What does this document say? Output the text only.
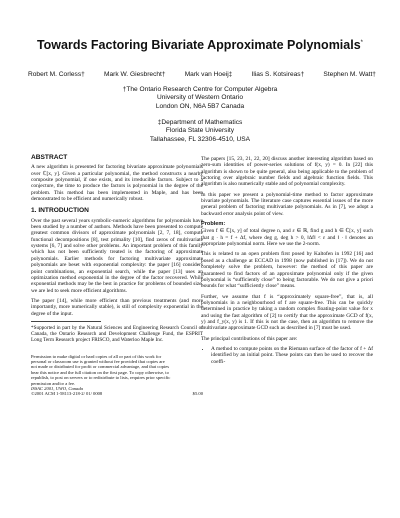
Towards Factoring Bivariate Approximate Polynomials*
Robert M. Corless†	Mark W. Giesbrecht†	Mark van Hoeij‡	Ilias S. Kotsireas†	Stephen M. Watt†
†The Ontario Research Centre for Computer Algebra
University of Western Ontario
London ON, N6A 5B7 Canada
‡Department of Mathematics
Florida State University
Tallahassee, FL 32306-4510, USA
ABSTRACT

A new algorithm is presented for factoring bivariate approximate polynomials over ℂ[x, y]. Given a particular polynomial, the method constructs a nearby composite polynomial, if one exists, and its irreducible factors. Subject to a conjecture, the time to produce the factors is polynomial in the degree of the problem. This method has been implemented in Maple, and has been demonstrated to be efficient and numerically robust.

1. INTRODUCTION

Over the past several years symbolic-numeric algorithms for polynomials have been studied by a number of authors. Methods have been presented to compute greatest common divisors of approximate polynomials [2, 7, 18], compute functional decompositions [8], test primality [10], find zeros of multivariate systems [6, 7] and solve other problems. An important problem of this family which has not been sufficiently treated is the factoring of approximate polynomials. Earlier methods for factoring multivariate approximate polynomials are beset with exponential complexity: the paper [16] considers point combinations, an exponential search, while the paper [13] uses an optimization method exponential in the degree of the factor recovered. While exponential methods may be the best in practice for problems of bounded size, we are led to seek more efficient algorithms.

The paper [14], while more efficient than previous treatments (and more importantly, more numerically stable), is still of complexity exponential in the degree of the input.

*Supported in part by the Natural Sciences and Engineering Research Council of Canada, the Ontario Research and Development Challenge Fund, the ESPRIT Long Term Research project FRISCO, and Waterloo Maple Inc.
Permission to make digital or hard copies of all or part of this work for
personal or classroom use is granted without fee provided that copies are
not made or distributed for profit or commercial advantage, and that copies
bear this notice and the full citation on the first page. To copy otherwise, to
republish, to post on servers or to redistribute to lists, requires prior specific
permission and/or a fee.
ISSAC 2001, UWO, Canada
©2001 ACM 1-58113-218-2/ 01/ 0008	$5.00

The papers [15, 23, 21, 22, 20] discuss another interesting algorithm based on zero-sum identities of power-series solutions of f(x, y) = 0. In [22] this algorithm is shown to be quite general, also being applicable to the problem of factoring over algebraic number fields and algebraic function fields. This algorithm is also numerically stable and of polynomial complexity.

In this paper we present a polynomial-time method to factor approximate bivariate polynomials. The literature case captures essential issues of the more general problem of factoring multivariate polynomials. As in [7], we adopt a backward error analysis point of view.

Problem:

Given f ∈ ℂ[x, y] of total degree n, and ε ∈ ℝ, find g and h ∈ ℂ[x, y] such that g · h = f + Δf, where deg g, deg h > 0, ‖Δf‖ < ε and ‖ · ‖ denotes an appropriate polynomial norm. Here we use the 2-norm.

This is related to an open problem first posed by Kaltofen in 1992 [16] and posed as a challenge at ECCAD in 1998 (now published in [17]). We do not completely solve the problem, however: the method of this paper are guaranteed to find factors of an approximate polynomial only if the given polynomial is “sufficiently close” to being factorable. We do not give a priori bounds for what “sufficiently close” means.

Further, we assume that f is “approximately square-free”, that is, all polynomials in a neighbourhood of f are square-free. This can be quickly determined in practice by taking a random complex floating-point value for x and using the fast algorithm of [2] to certify that the approximate GCD of f(x, y) and f_y(x, y) is 1. If this is not the case, then an algorithm to remove the multivariate approximate GCD such as described in [7] must be used.

The principal contributions of this paper are:

• A method to compute points on the Riemann surface of the factor of f + Δf identified by an initial point. These points can then be used to recover the coeffi-
